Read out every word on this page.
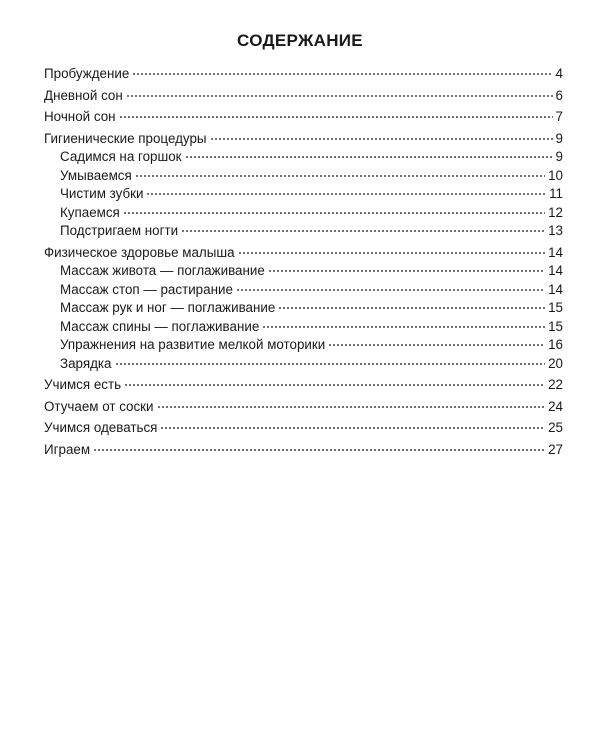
СОДЕРЖАНИЕ
Пробуждение	4
Дневной сон	6
Ночной сон	7
Гигиенические процедуры	9
Садимся на горшок	9
Умываемся	10
Чистим зубки	11
Купаемся	12
Подстригаем ногти	13
Физическое здоровье малыша	14
Массаж живота — поглаживание	14
Массаж стоп — растирание	14
Массаж рук и ног — поглаживание	15
Массаж спины — поглаживание	15
Упражнения на развитие мелкой моторики	16
Зарядка	20
Учимся есть	22
Отучаем от соски	24
Учимся одеваться	25
Играем	27
